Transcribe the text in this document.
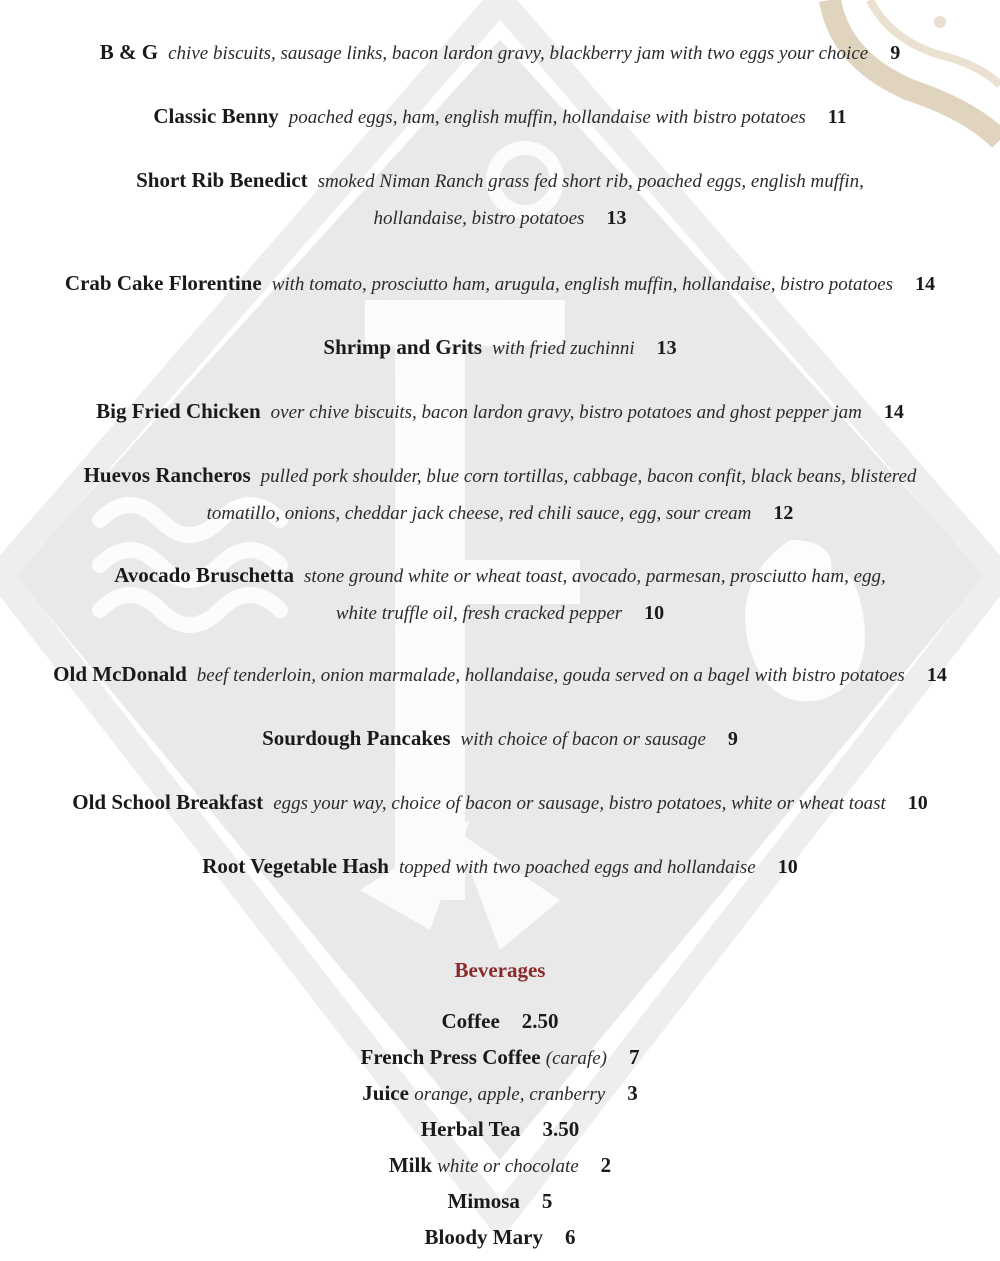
B & G chive biscuits, sausage links, bacon lardon gravy, blackberry jam with two eggs your choice 9
Classic Benny poached eggs, ham, english muffin, hollandaise with bistro potatoes 11
Short Rib Benedict smoked Niman Ranch grass fed short rib, poached eggs, english muffin,
hollandaise, bistro potatoes 13
Crab Cake Florentine with tomato, prosciutto ham, arugula, english muffin, hollandaise, bistro potatoes 14
Shrimp and Grits with fried zuchinni 13
Big Fried Chicken over chive biscuits, bacon lardon gravy, bistro potatoes and ghost pepper jam 14
Huevos Rancheros pulled pork shoulder, blue corn tortillas, cabbage, bacon confit, black beans, blistered
tomatillo, onions, cheddar jack cheese, red chili sauce, egg, sour cream 12
Avocado Bruschetta stone ground white or wheat toast, avocado, parmesan, prosciutto ham, egg,
white truffle oil, fresh cracked pepper 10
Old McDonald beef tenderloin, onion marmalade, hollandaise, gouda served on a bagel with bistro potatoes 14
Sourdough Pancakes with choice of bacon or sausage 9
Old School Breakfast eggs your way, choice of bacon or sausage, bistro potatoes, white or wheat toast 10
Root Vegetable Hash topped with two poached eggs and hollandaise 10
Beverages
Coffee 2.50
French Press Coffee (carafe) 7
Juice orange, apple, cranberry 3
Herbal Tea 3.50
Milk white or chocolate 2
Mimosa 5
Bloody Mary 6
